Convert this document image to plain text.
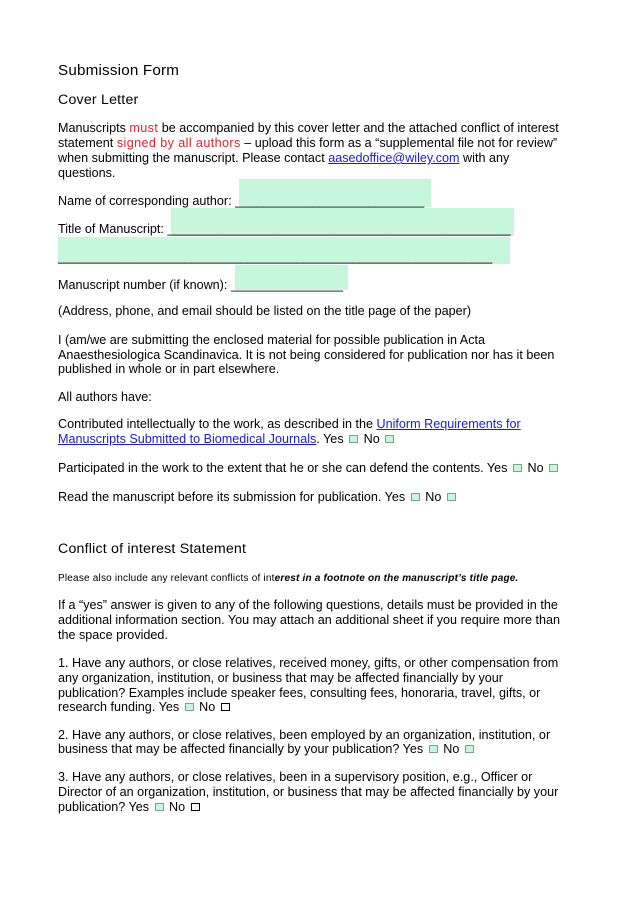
Submission Form
Cover Letter
Manuscripts must be accompanied by this cover letter and the attached conflict of interest
statement signed by all authors – upload this form as a “supplemental file not for review”
when submitting the manuscript. Please contact aasedoffice@wiley.com with any
questions.
Name of corresponding author: ___________________________
Title of Manuscript: _________________________________________________
______________________________________________________________
Manuscript number (if known): ________________
(Address, phone, and email should be listed on the title page of the paper)
I (am/we are submitting the enclosed material for possible publication in Acta
Anaesthesiologica Scandinavica. It is not being considered for publication nor has it been
published in whole or in part elsewhere.
All authors have:
Contributed intellectually to the work, as described in the Uniform Requirements for
Manuscripts Submitted to Biomedical Journals. Yes  No
Participated in the work to the extent that he or she can defend the contents. Yes  No
Read the manuscript before its submission for publication. Yes  No
Conflict of interest Statement
Please also include any relevant conflicts of interest in a footnote on the manuscript’s title page.
If a “yes” answer is given to any of the following questions, details must be provided in the
additional information section. You may attach an additional sheet if you require more than
the space provided.
1. Have any authors, or close relatives, received money, gifts, or other compensation from
any organization, institution, or business that may be affected financially by your
publication? Examples include speaker fees, consulting fees, honoraria, travel, gifts, or
research funding. Yes  No
2. Have any authors, or close relatives, been employed by an organization, institution, or
business that may be affected financially by your publication? Yes  No
3. Have any authors, or close relatives, been in a supervisory position, e.g., Officer or
Director of an organization, institution, or business that may be affected financially by your
publication? Yes  No
